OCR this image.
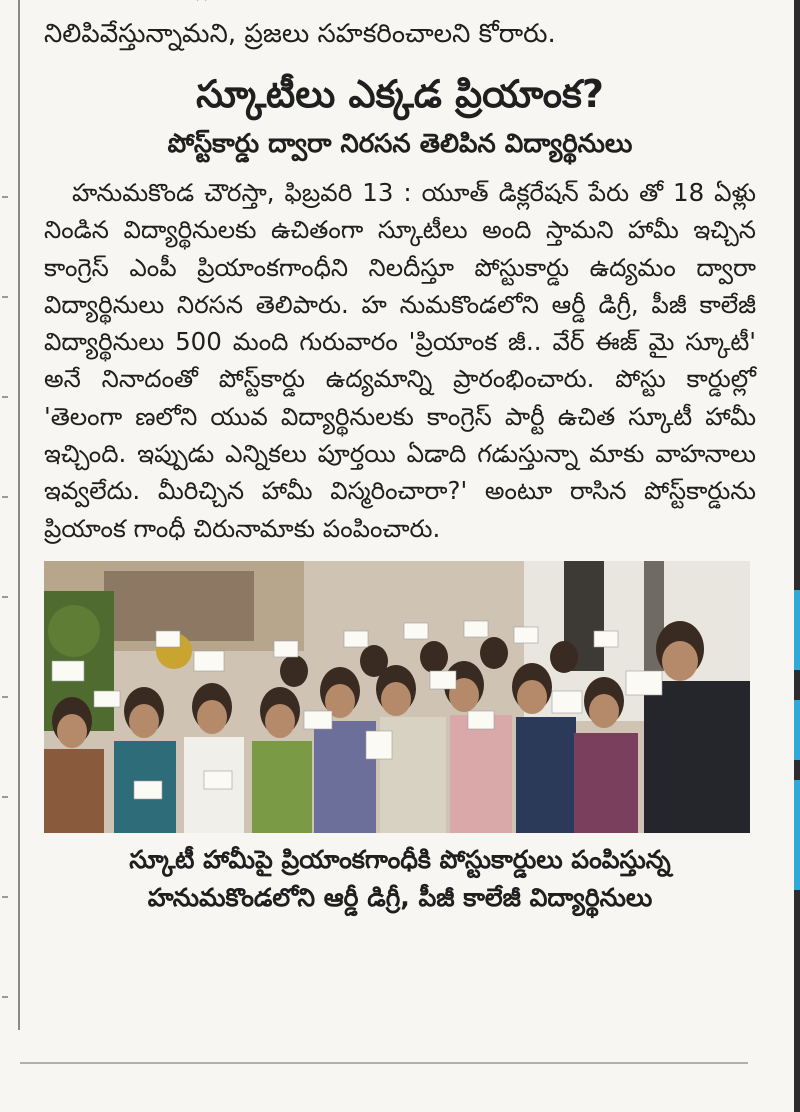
నిలిపివేస్తున్నామని, ప్రజలు సహకరించాలని కోరారు.

స్కూటీలు ఎక్కడ ప్రియాంక?
పోస్ట్‌కార్డు ద్వారా నిరసన తెలిపిన విద్యార్థినులు

హనుమకొండ చౌరస్తా, ఫిబ్రవరి 13 : యూత్ డిక్లరేషన్ పేరు తో 18 ఏళ్లు నిండిన విద్యార్థినులకు ఉచితంగా స్కూటీలు అంది స్తామని హామీ ఇచ్చిన కాంగ్రెస్ ఎంపీ ప్రియాంకగాంధీని నిలదీస్తూ పోస్టుకార్డు ఉద్యమం ద్వారా విద్యార్థినులు నిరసన తెలిపారు. హ నుమకొండలోని ఆర్డీ డిగ్రీ, పీజీ కాలేజీ విద్యార్థినులు 500 మంది గురువారం 'ప్రియాంక జీ.. వేర్ ఈజ్ మై స్కూటీ' అనే నినాదంతో పోస్ట్‌కార్డు ఉద్యమాన్ని ప్రారంభించారు. పోస్టు కార్డుల్లో 'తెలంగా ణలోని యువ విద్యార్థినులకు కాంగ్రెస్ పార్టీ ఉచిత స్కూటీ హామీ ఇచ్చింది. ఇప్పుడు ఎన్నికలు పూర్తయి ఏడాది గడుస్తున్నా మాకు వాహనాలు ఇవ్వలేదు. మీరిచ్చిన హామీ విస్మరించారా?' అంటూ రాసిన పోస్ట్‌కార్డును ప్రియాంక గాంధీ చిరునామాకు పంపించారు.

స్కూటీ హామీపై ప్రియాంకగాంధీకి పోస్టుకార్డులు పంపిస్తున్న

హనుమకొండలోని ఆర్డీ డిగ్రీ, పీజీ కాలేజీ విద్యార్థినులు
